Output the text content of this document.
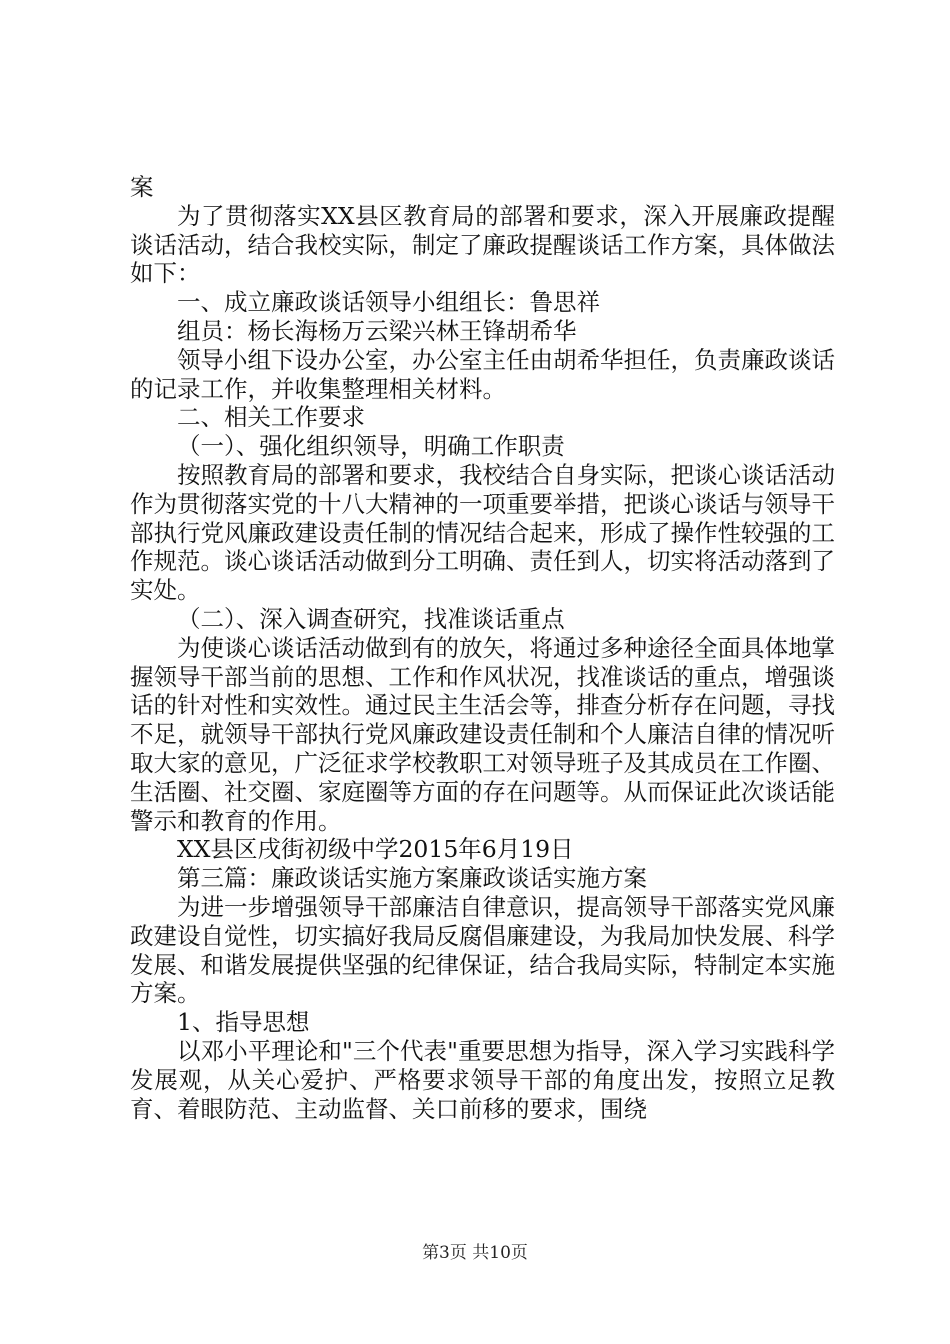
案

为了贯彻落实XX县区教育局的部署和要求，深入开展廉政提醒谈话活动，结合我校实际，制定了廉政提醒谈话工作方案，具体做法如下：

一、成立廉政谈话领导小组组长：鲁思祥

组员：杨长海杨万云梁兴林王锋胡希华

领导小组下设办公室，办公室主任由胡希华担任，负责廉政谈话的记录工作，并收集整理相关材料。

二、相关工作要求

（一）、强化组织领导，明确工作职责

按照教育局的部署和要求，我校结合自身实际，把谈心谈话活动作为贯彻落实党的十八大精神的一项重要举措，把谈心谈话与领导干部执行党风廉政建设责任制的情况结合起来，形成了操作性较强的工作规范。谈心谈话活动做到分工明确、责任到人，切实将活动落到了实处。

（二）、深入调查研究，找准谈话重点

为使谈心谈话活动做到有的放矢，将通过多种途径全面具体地掌握领导干部当前的思想、工作和作风状况，找准谈话的重点，增强谈话的针对性和实效性。通过民主生活会等，排查分析存在问题，寻找不足，就领导干部执行党风廉政建设责任制和个人廉洁自律的情况听取大家的意见，广泛征求学校教职工对领导班子及其成员在工作圈、生活圈、社交圈、家庭圈等方面的存在问题等。从而保证此次谈话能警示和教育的作用。

XX县区戌街初级中学2015年6月19日

第三篇：廉政谈话实施方案廉政谈话实施方案

为进一步增强领导干部廉洁自律意识，提高领导干部落实党风廉政建设自觉性，切实搞好我局反腐倡廉建设，为我局加快发展、科学发展、和谐发展提供坚强的纪律保证，结合我局实际，特制定本实施方案。

1、指导思想

以邓小平理论和"三个代表"重要思想为指导，深入学习实践科学发展观，从关心爱护、严格要求领导干部的角度出发，按照立足教育、着眼防范、主动监督、关口前移的要求，围绕

第3页 共10页
